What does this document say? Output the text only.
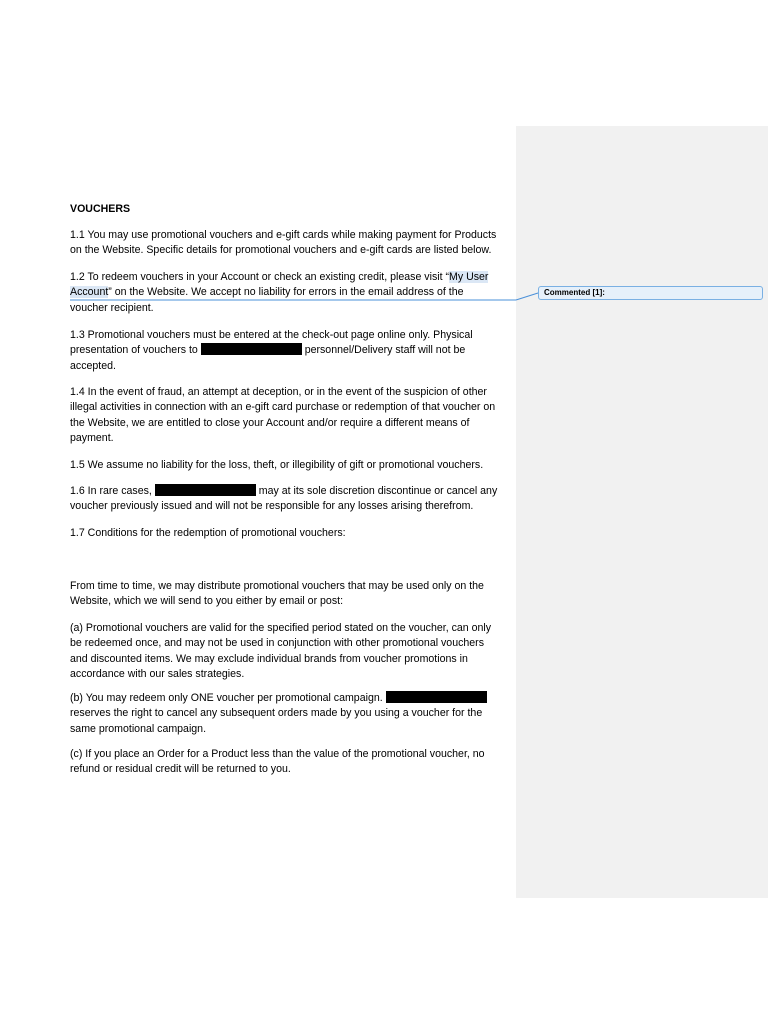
VOUCHERS
1.1 You may use promotional vouchers and e-gift cards while making payment for Products
on the Website. Specific details for promotional vouchers and e-gift cards are listed below.
1.2 To redeem vouchers in your Account or check an existing credit, please visit “My User
Account” on the Website. We accept no liability for errors in the email address of the
voucher recipient.
1.3 Promotional vouchers must be entered at the check-out page online only. Physical
presentation of vouchers to	personnel/Delivery staff will not be
accepted.
1.4 In the event of fraud, an attempt at deception, or in the event of the suspicion of other
illegal activities in connection with an e-gift card purchase or redemption of that voucher on
the Website, we are entitled to close your Account and/or require a different means of
payment.
1.5 We assume no liability for the loss, theft, or illegibility of gift or promotional vouchers.
1.6 In rare cases,	may at its sole discretion discontinue or cancel any
voucher previously issued and will not be responsible for any losses arising therefrom.
1.7 Conditions for the redemption of promotional vouchers:
From time to time, we may distribute promotional vouchers that may be used only on the
Website, which we will send to you either by email or post:
(a) Promotional vouchers are valid for the specified period stated on the voucher, can only
be redeemed once, and may not be used in conjunction with other promotional vouchers
and discounted items. We may exclude individual brands from voucher promotions in
accordance with our sales strategies.
(b) You may redeem only ONE voucher per promotional campaign.
reserves the right to cancel any subsequent orders made by you using a voucher for the
same promotional campaign.
(c) If you place an Order for a Product less than the value of the promotional voucher, no
refund or residual credit will be returned to you.
Commented [1]:
